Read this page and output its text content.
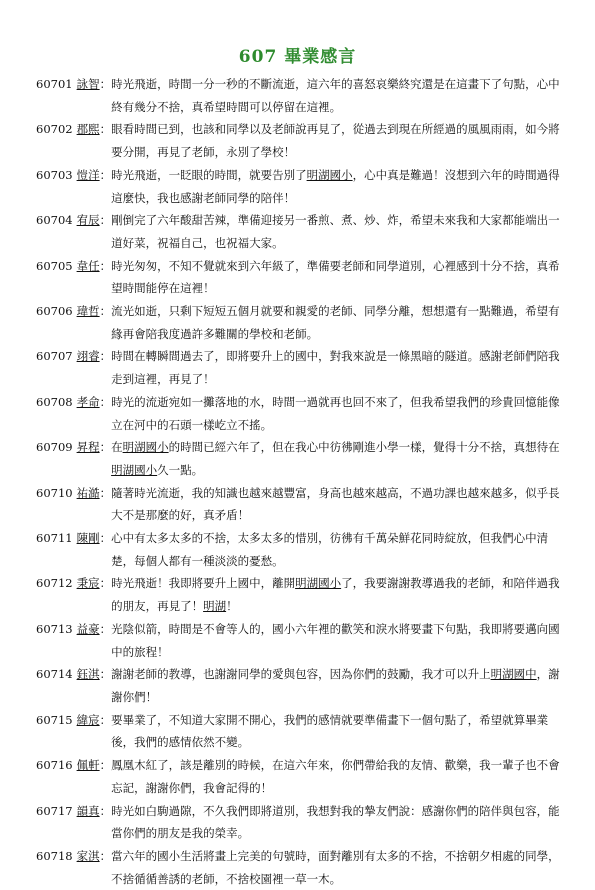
607 畢業感言
60701 詠智： 時光飛逝，時間一分一秒的不斷流逝，這六年的喜怒哀樂終究還是在這畫下了句點，心中終有幾分不捨，真希望時間可以停留在這裡。
60702 郡熙： 眼看時間已到，也該和同學以及老師說再見了，從過去到現在所經過的風風雨雨，如今將要分開，再見了老師，永別了學校！
60703 愷洋： 時光飛逝，一眨眼的時間，就要告別了明湖國小，心中真是難過！沒想到六年的時間過得這麼快，我也感謝老師同學的陪伴！
60704 宥辰： 剛倒完了六年酸甜苦辣，準備迎接另一番煎、煮、炒、炸，希望未來我和大家都能端出一道好菜，祝福自己，也祝福大家。
60705 韋任： 時光匆匆，不知不覺就來到六年級了，準備要老師和同學道別，心裡感到十分不捨，真希望時間能停在這裡！
60706 瑋哲： 流光如逝，只剩下短短五個月就要和親愛的老師、同學分離，想想還有一點難過，希望有緣再會陪我度過許多難關的學校和老師。
60707 翊睿： 時間在轉瞬間過去了，即將要升上的國中，對我來說是一條黑暗的隧道。感謝老師們陪我走到這裡，再見了！
60708 孝命： 時光的流逝宛如一攤落地的水，時間一過就再也回不來了，但我希望我們的珍貴回憶能像立在河中的石頭一樣屹立不搖。
60709 昇程： 在明湖國小的時間已經六年了，但在我心中彷彿剛進小學一樣，覺得十分不捨，真想待在明湖國小久一點。
60710 祐澔： 隨著時光流逝，我的知識也越來越豐富，身高也越來越高，不過功課也越來越多，似乎長大不是那麼的好，真矛盾！
60711 陳剛： 心中有太多太多的不捨，太多太多的惜別，彷彿有千萬朵鮮花同時綻放，但我們心中清楚，每個人都有一種淡淡的憂愁。
60712 秉宸： 時光飛逝！我即將要升上國中，離開明湖國小了，我要謝謝教導過我的老師，和陪伴過我的朋友，再見了！明湖！
60713 益豪： 光陰似箭，時間是不會等人的，國小六年裡的歡笑和淚水將要畫下句點，我即將要邁向國中的旅程！
60714 鈺淇： 謝謝老師的教導，也謝謝同學的愛與包容，因為你們的鼓勵，我才可以升上明湖國中，謝謝你們！
60715 緯宸： 要畢業了，不知道大家開不開心，我們的感情就要準備畫下一個句點了，希望就算畢業後，我們的感情依然不變。
60716 佩軒： 鳳凰木紅了，該是離別的時候，在這六年來，你們帶給我的友情、歡樂，我一輩子也不會忘記，謝謝你們，我會記得的！
60717 韻真： 時光如白駒過隙，不久我們即將道別，我想對我的摯友們說：感謝你們的陪伴與包容，能當你們的朋友是我的榮幸。
60718 家淇： 當六年的國小生活將畫上完美的句號時，面對離別有太多的不捨，不捨朝夕相處的同學，不捨循循善誘的老師，不捨校園裡一草一木。
